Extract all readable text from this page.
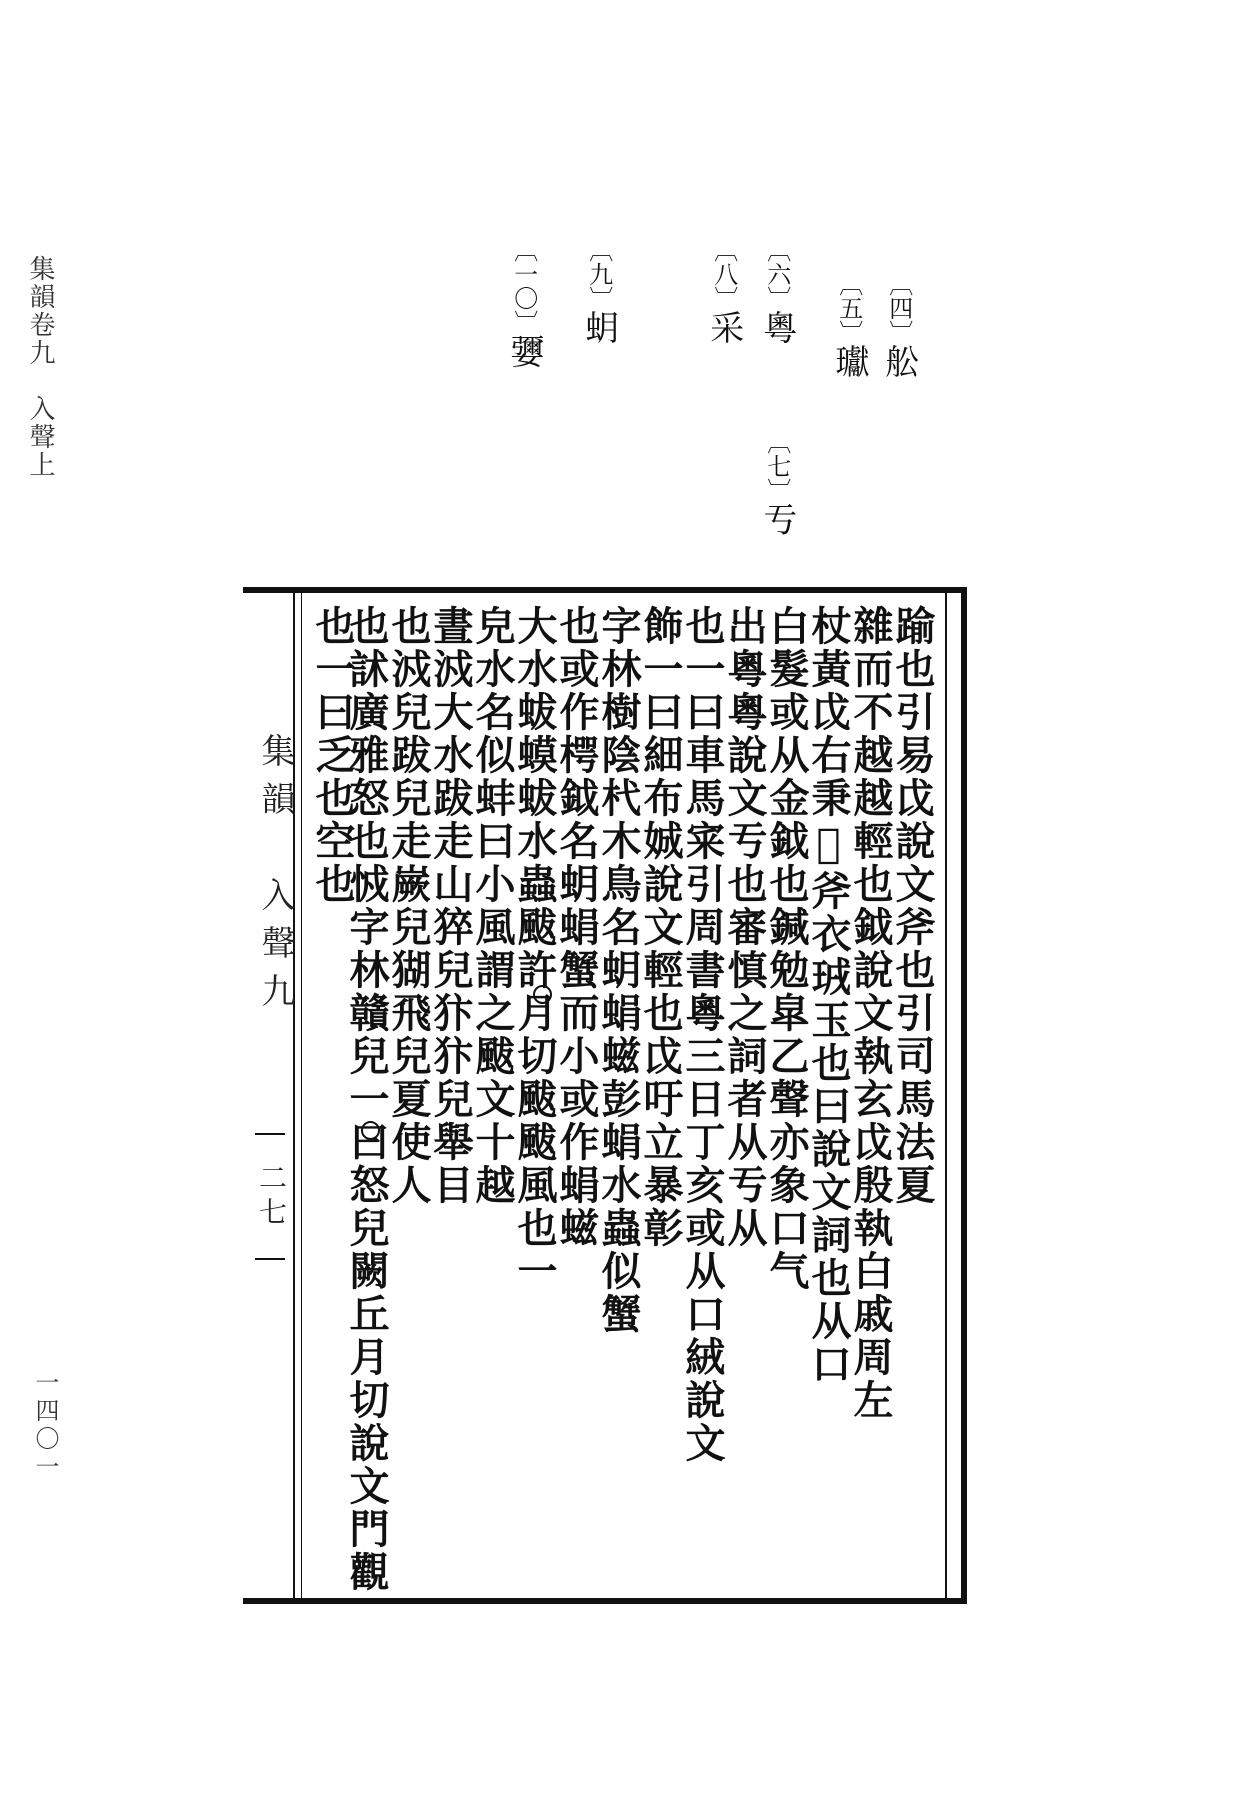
集韻卷九　入聲上
一四〇一
〔四〕舩
〔五〕瓛
〔六〕粵
〔七〕亐
〔八〕采
〔九〕蚏
〔一〇〕㜷
集韻　入聲九
二七	踰也引易戉說文斧也引司馬法夏
雜而不越越輕也鉞說文執玄戉殷執白戚周左
杖黃戉右秉𨧾斧衣珬玉也曰說文詞也从口
白髮或从金鉞也鍼勉皐乙聲亦象口气
出粵粵說文亐也審慎之詞者从亐从
也一曰車馬宷引周書粵三日丁亥或从口絨說文
飾一曰細布娍說文輕也戉吁立暴彰
字林樹陰杙木鳥名蚏蜎螆彭蜎水蟲似蟹
也或作㮙鉞名蚏蜎蟹而小或作蜎螆
大水蛂蟆蛂水蟲颰許月切颰颰風也一
皃水名似蚌曰小風謂之颰文十越
晝㳚大水跋走山猝兒犿犿兒舉目
也㳚兒跋兒走嶡兒猢飛兒夏使人
也訹廣雅怒也㤜字林贛兒一曰怒兒闕丘月切說文門觀
也一曰乏也空也
